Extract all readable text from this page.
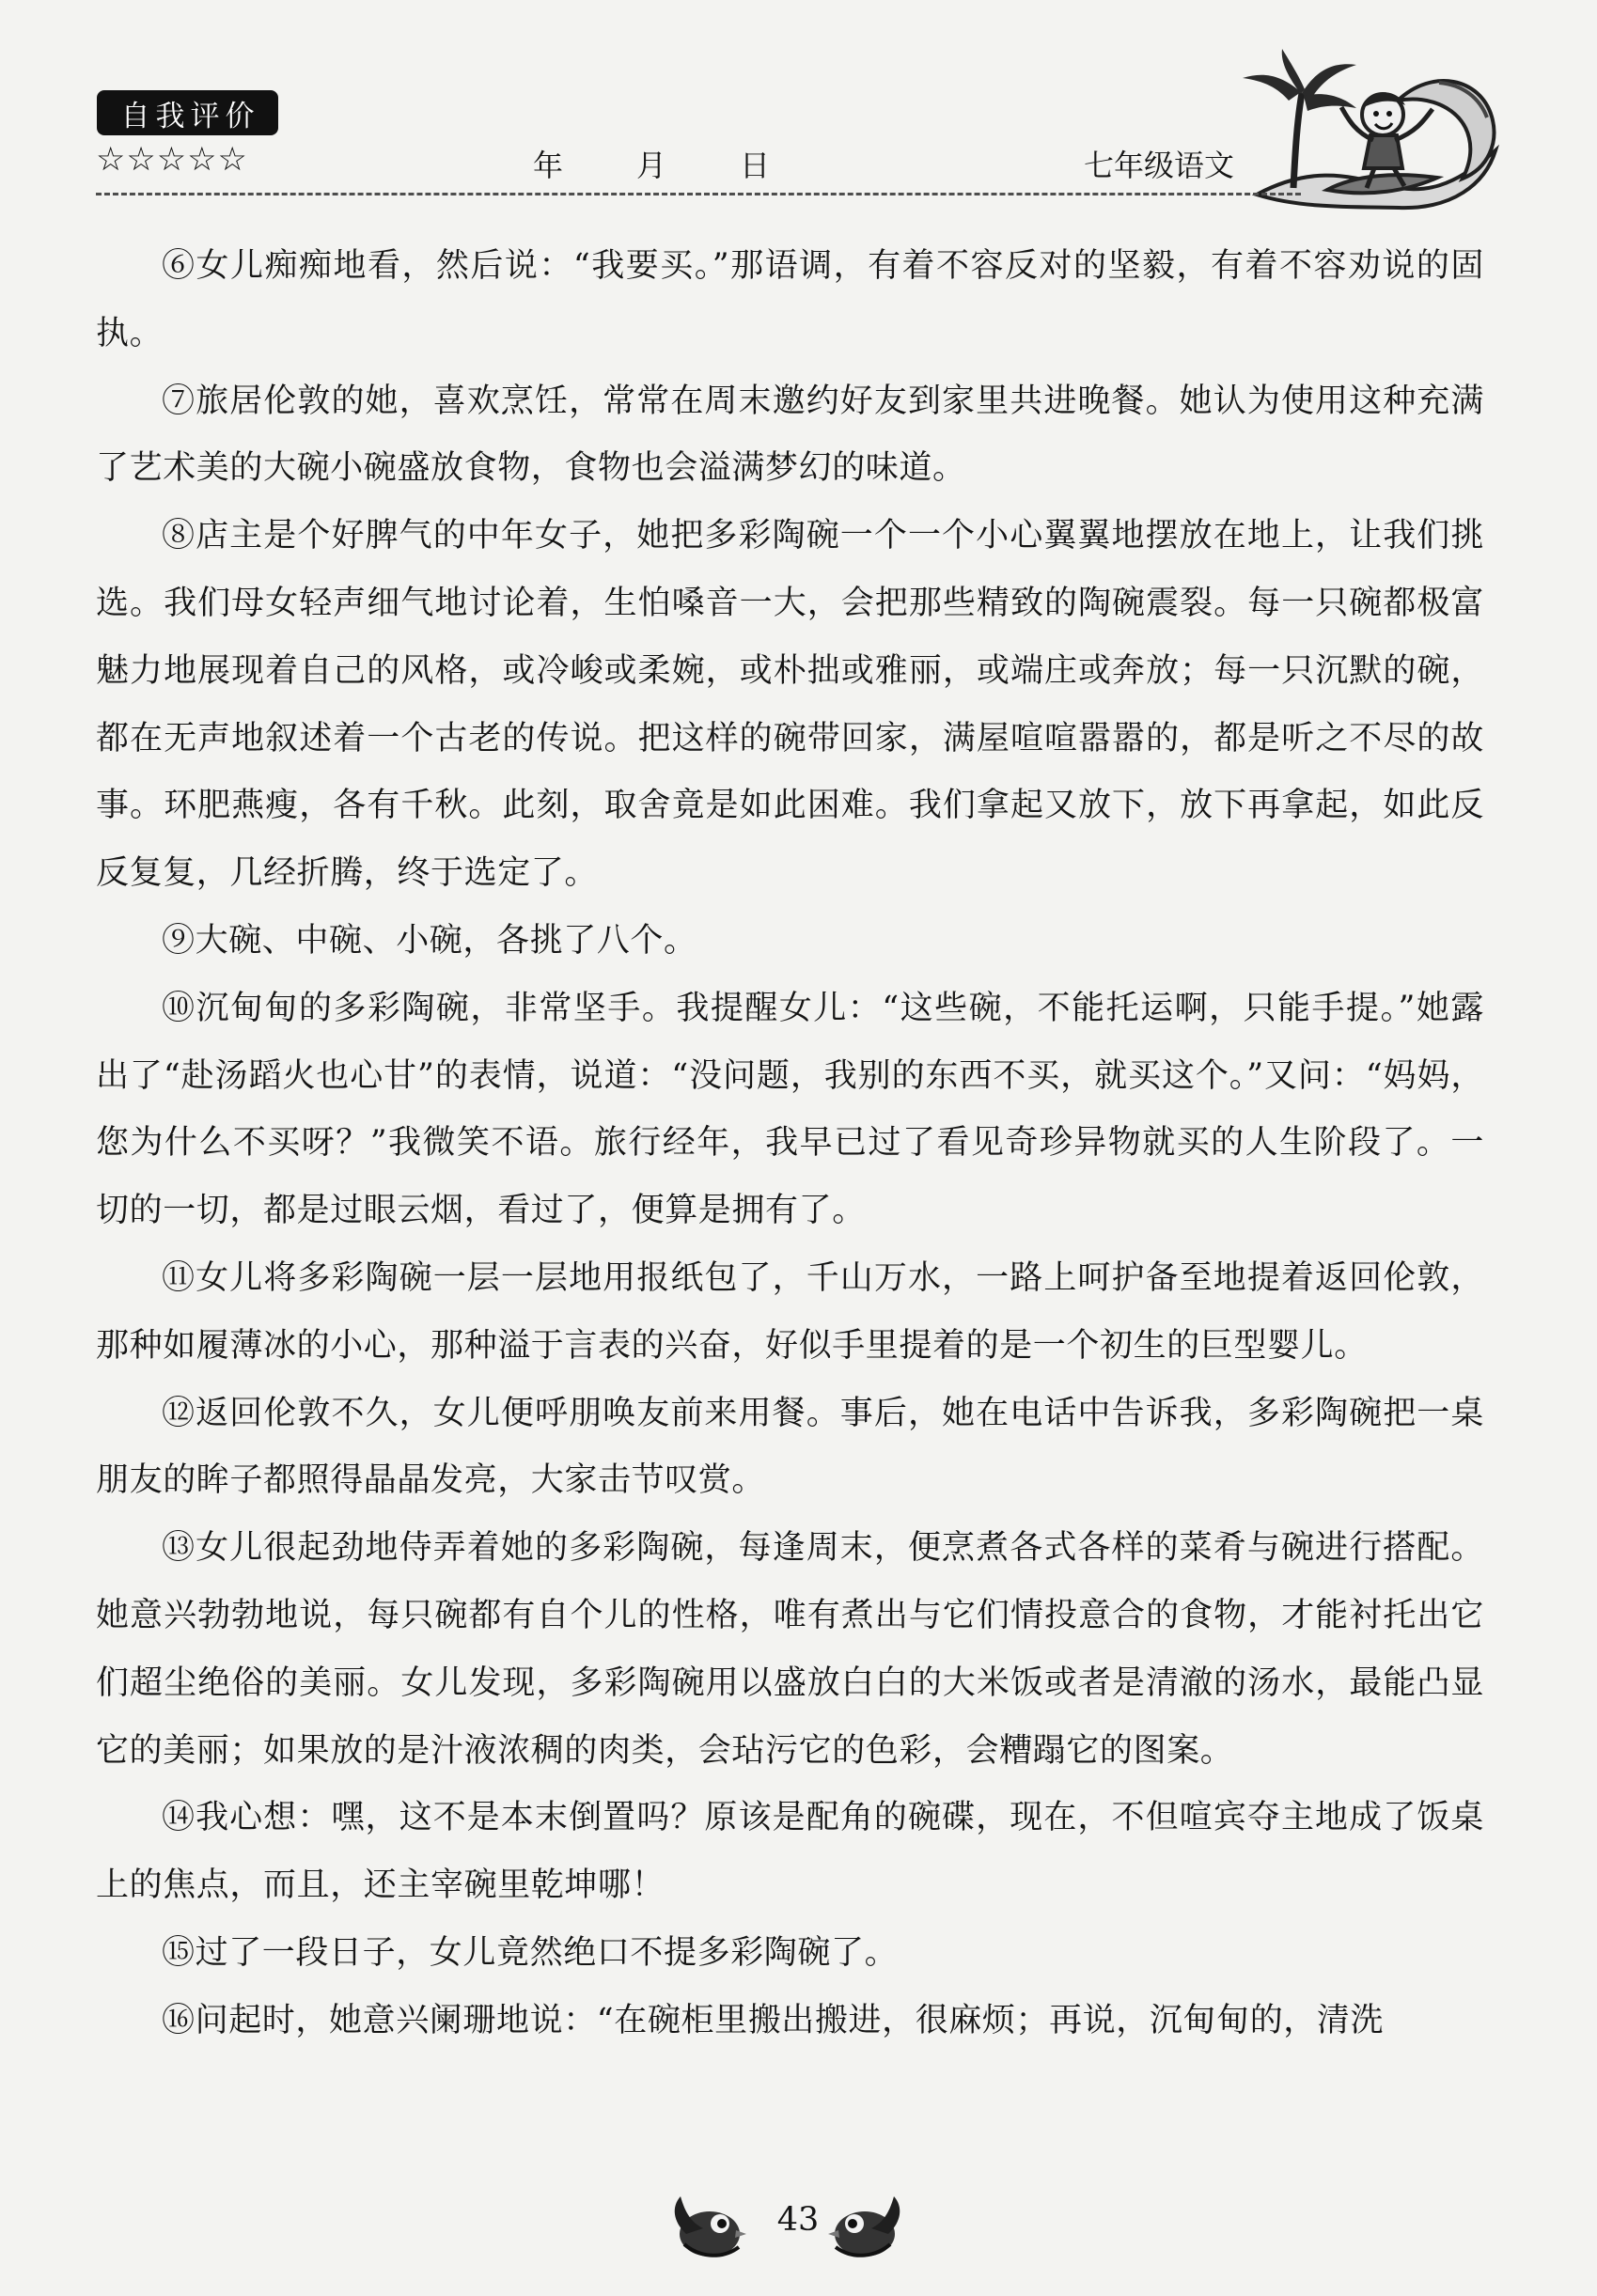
自我评价
☆☆☆☆☆	年 月 日	七年级语文

⑥女儿痴痴地看，然后说：“我要买。”那语调，有着不容反对的坚毅，有着不容劝说的固执。

⑦旅居伦敦的她，喜欢烹饪，常常在周末邀约好友到家里共进晚餐。她认为使用这种充满了艺术美的大碗小碗盛放食物，食物也会溢满梦幻的味道。

⑧店主是个好脾气的中年女子，她把多彩陶碗一个一个小心翼翼地摆放在地上，让我们挑选。我们母女轻声细气地讨论着，生怕嗓音一大，会把那些精致的陶碗震裂。每一只碗都极富魅力地展现着自己的风格，或冷峻或柔婉，或朴拙或雅丽，或端庄或奔放；每一只沉默的碗，都在无声地叙述着一个古老的传说。把这样的碗带回家，满屋喧喧嚣嚣的，都是听之不尽的故事。环肥燕瘦，各有千秋。此刻，取舍竟是如此困难。我们拿起又放下，放下再拿起，如此反反复复，几经折腾，终于选定了。

⑨大碗、中碗、小碗，各挑了八个。

⑩沉甸甸的多彩陶碗，非常坚手。我提醒女儿：“这些碗，不能托运啊，只能手提。”她露出了“赴汤蹈火也心甘”的表情，说道：“没问题，我别的东西不买，就买这个。”又问：“妈妈，您为什么不买呀？”我微笑不语。旅行经年，我早已过了看见奇珍异物就买的人生阶段了。一切的一切，都是过眼云烟，看过了，便算是拥有了。

⑪女儿将多彩陶碗一层一层地用报纸包了，千山万水，一路上呵护备至地提着返回伦敦，那种如履薄冰的小心，那种溢于言表的兴奋，好似手里提着的是一个初生的巨型婴儿。

⑫返回伦敦不久，女儿便呼朋唤友前来用餐。事后，她在电话中告诉我，多彩陶碗把一桌朋友的眸子都照得晶晶发亮，大家击节叹赏。

⑬女儿很起劲地侍弄着她的多彩陶碗，每逢周末，便烹煮各式各样的菜肴与碗进行搭配。她意兴勃勃地说，每只碗都有自个儿的性格，唯有煮出与它们情投意合的食物，才能衬托出它们超尘绝俗的美丽。女儿发现，多彩陶碗用以盛放白白的大米饭或者是清澈的汤水，最能凸显它的美丽；如果放的是汁液浓稠的肉类，会玷污它的色彩，会糟蹋它的图案。

⑭我心想：嘿，这不是本末倒置吗？原该是配角的碗碟，现在，不但喧宾夺主地成了饭桌上的焦点，而且，还主宰碗里乾坤哪！

⑮过了一段日子，女儿竟然绝口不提多彩陶碗了。

⑯问起时，她意兴阑珊地说：“在碗柜里搬出搬进，很麻烦；再说，沉甸甸的，清洗

43
